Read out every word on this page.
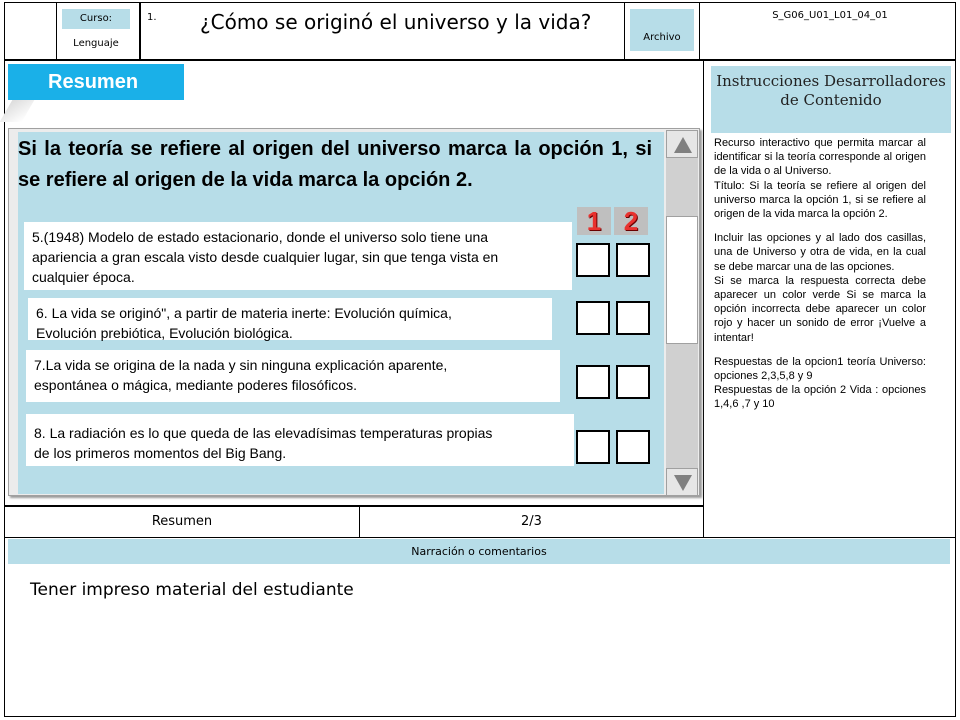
Curso:
Lenguaje
1. ¿Cómo se originó el universo y la vida?
Archivo
S_G06_U01_L01_04_01
Resumen	Instrucciones Desarrolladores de Contenido

Recurso interactivo que permita marcar al identificar si la teoría corresponde al origen de la vida o al Universo.

Título: Si la teoría se refiere al origen del universo marca la opción 1, si se refiere al origen de la vida marca la opción 2.

Incluir las opciones y al lado dos casillas, una de Universo y otra de vida, en la cual se debe marcar una de las opciones.

Si se marca la respuesta correcta debe aparecer un color verde Si se marca la opción incorrecta debe aparecer un color rojo y hacer un sonido de error ¡Vuelve a intentar!

Respuestas de la opcion1 teoría Universo: opciones 2,3,5,8 y 9

Respuestas de la opción 2 Vida : opciones 1,4,6 ,7 y 10

Si la teoría se refiere al origen del universo marca la opción 1, si se refiere al origen de la vida marca la opción 2.
1 2
5.(1948) Modelo de estado estacionario, donde el universo solo tiene una
apariencia a gran escala visto desde cualquier lugar, sin que tenga vista en
cualquier época.
6. La vida se originó", a partir de materia inerte: Evolución química,
Evolución prebiótica, Evolución biológica.
7.La vida se origina de la nada y sin ninguna explicación aparente,
espontánea o mágica, mediante poderes filosóficos.
8. La radiación es lo que queda de las elevadísimas temperaturas propias
de los primeros momentos del Big Bang.
Resumen	2/3
Narración o comentarios
Tener impreso material del estudiante
